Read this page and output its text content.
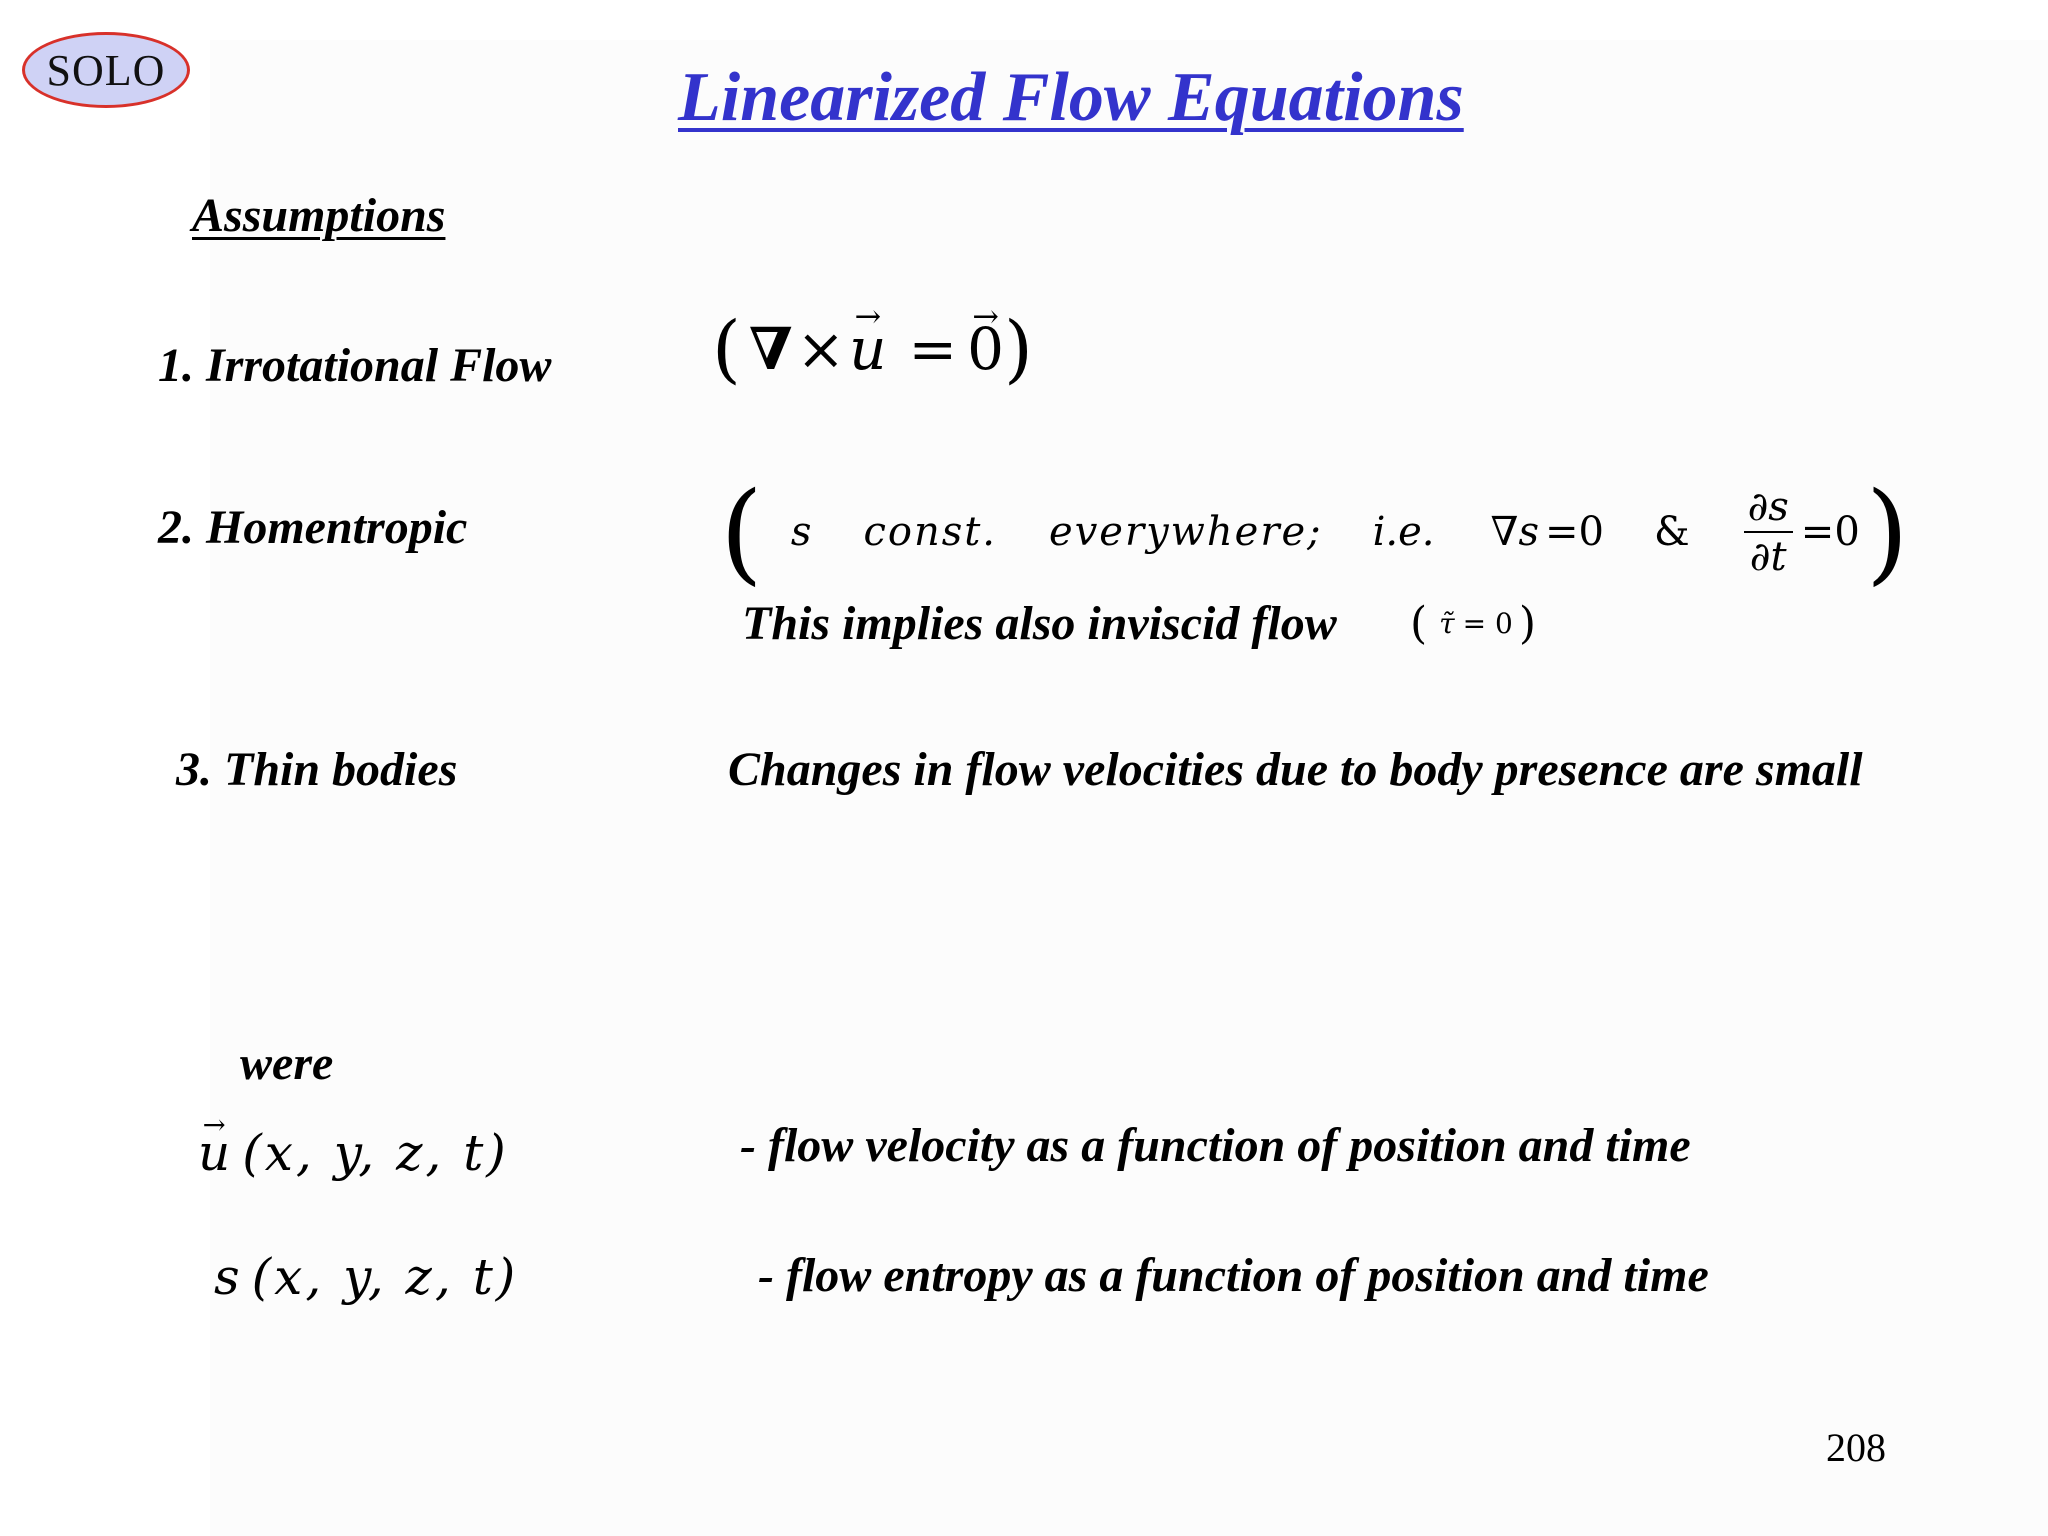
SOLO	Linearized Flow Equations
Assumptions
1. Irrotational Flow ( ∇ × → u = → 0 )
2. Homentropic ( s const. everywhere; i.e. ∇s =0 & $\frac{\partial s}{\partial t} =0$ )
This implies also inviscid flow ( τ̃ = 0 )
3. Thin bodies	Changes in flow velocities due to body presence are small
were
→ u (x, y, z, t)	- flow velocity as a function of position and time
s (x, y, z, t)	- flow entropy as a function of position and time
208
